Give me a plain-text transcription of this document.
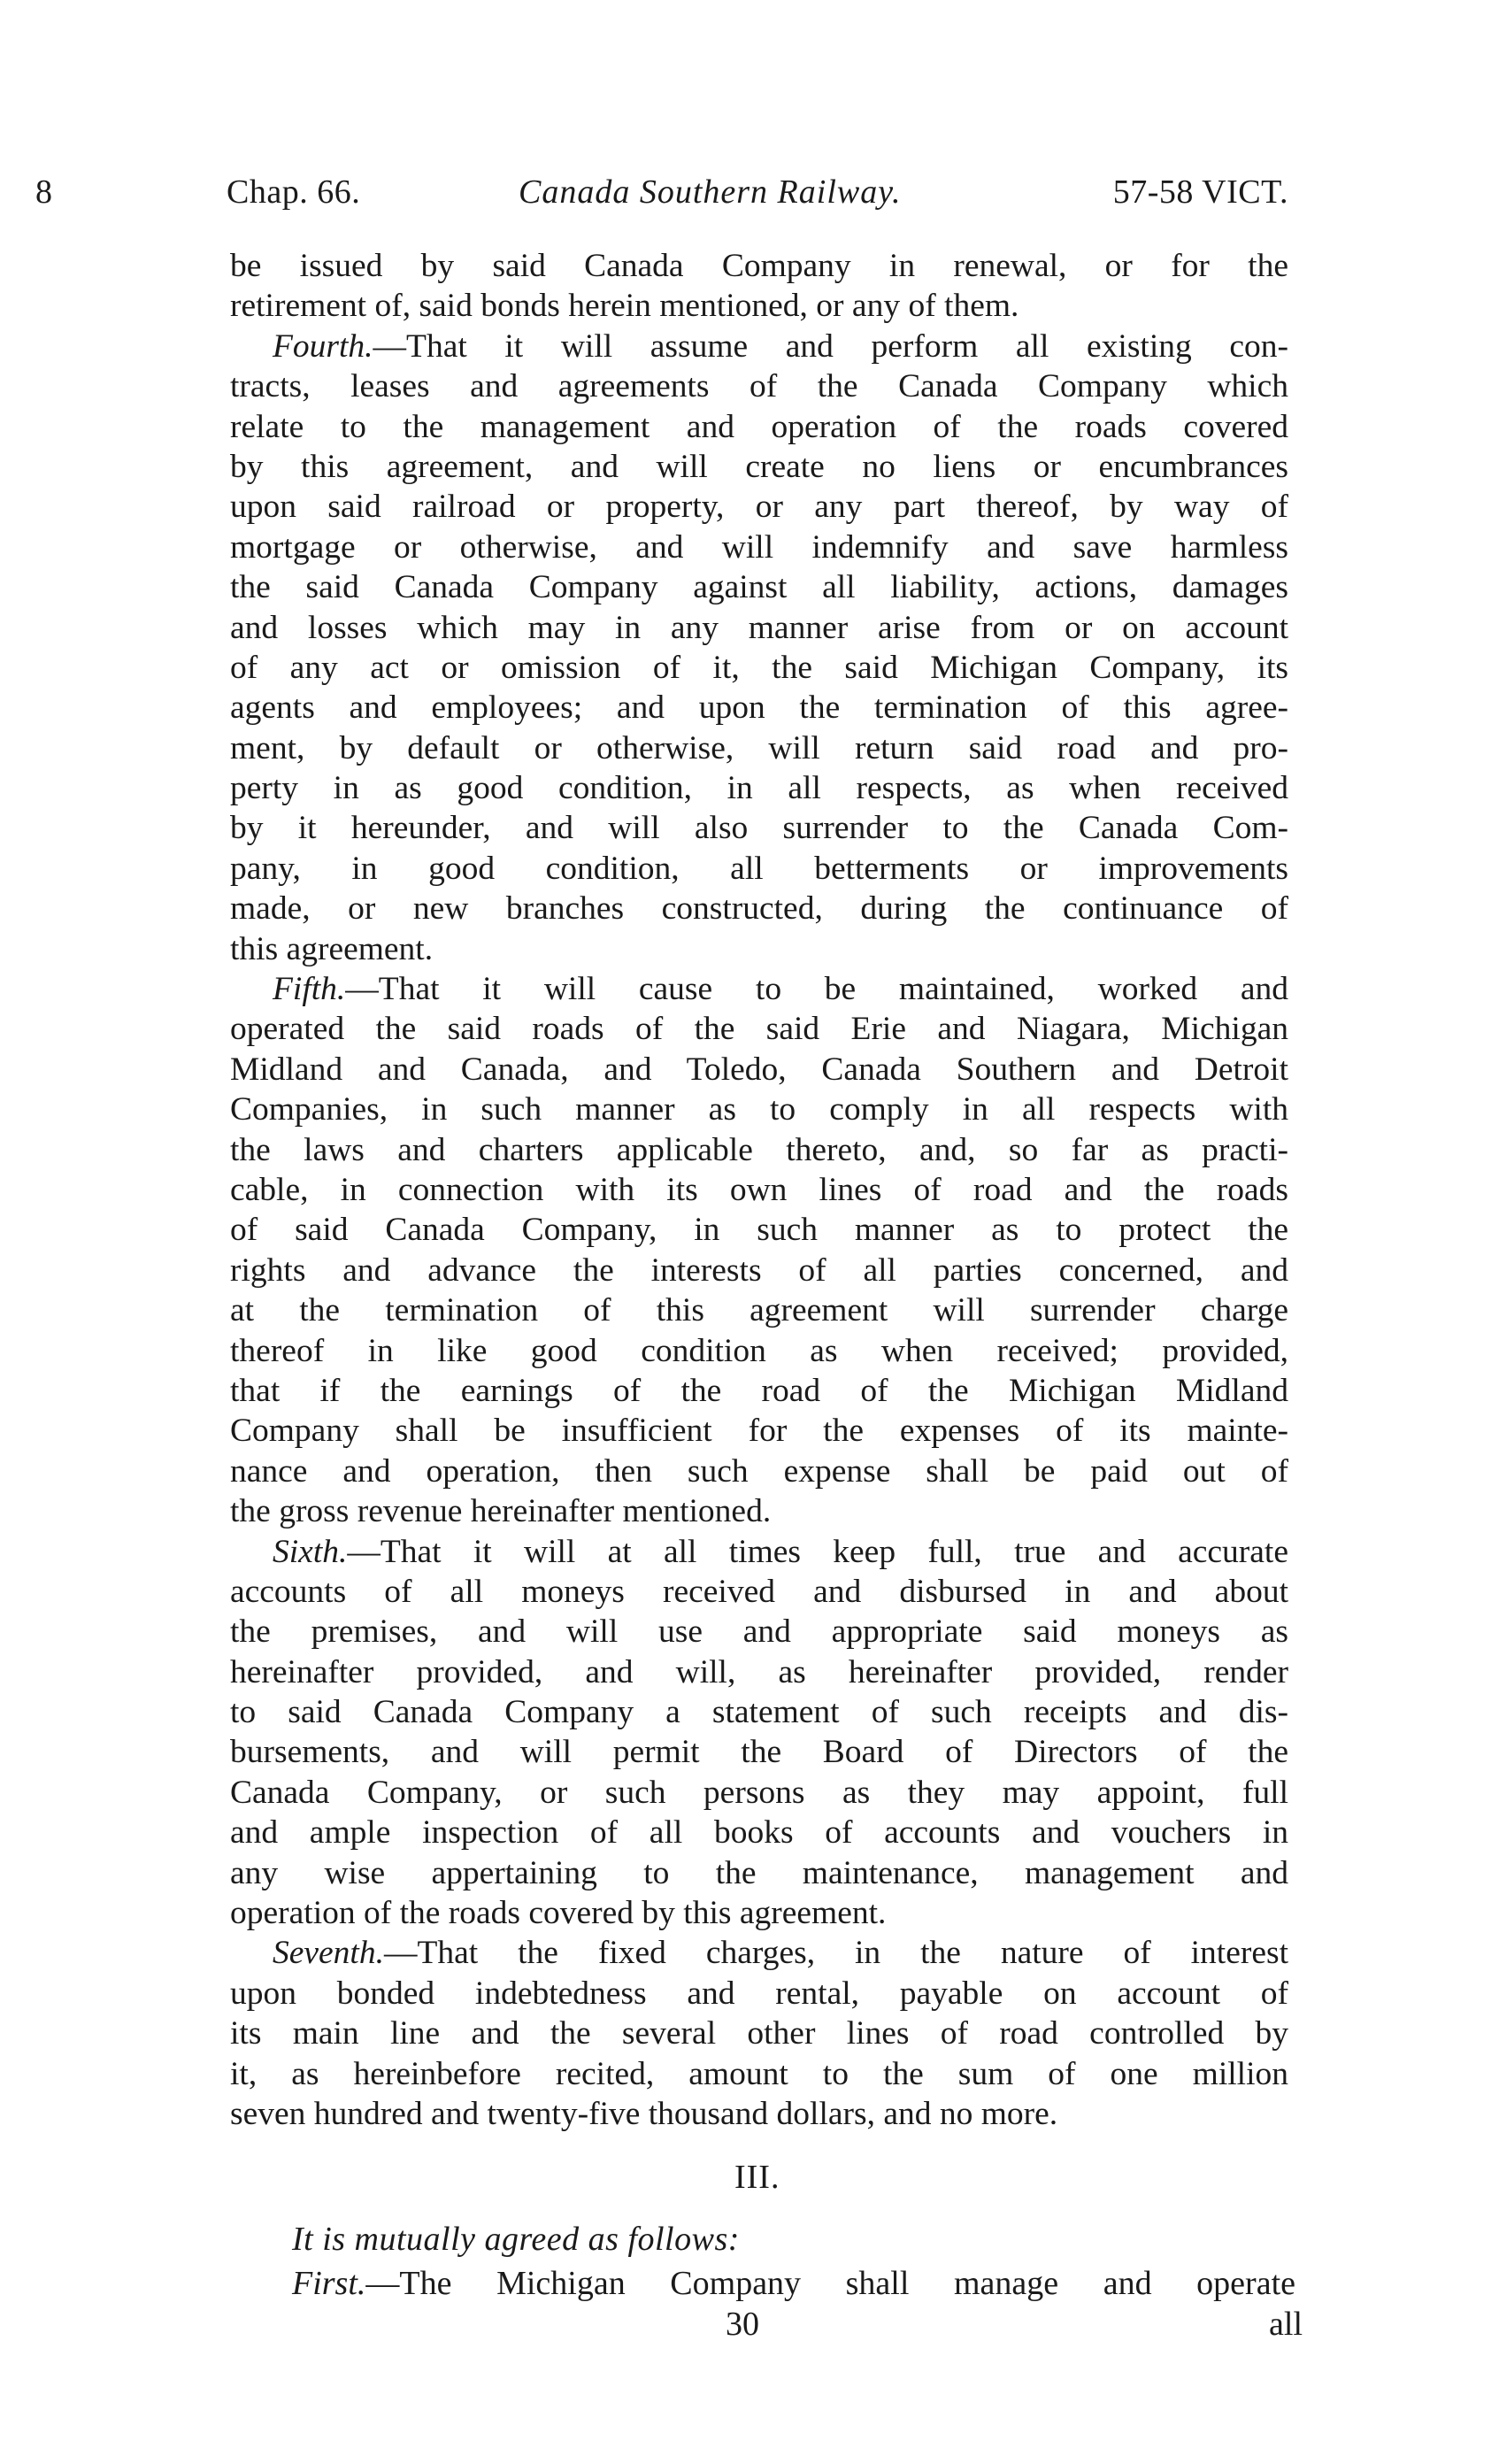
8	Chap. 66.	Canada Southern Railway.	57-58 VICT.
be issued by said Canada Company in renewal, or for the
retirement of, said bonds herein mentioned, or any of them.
Fourth.—That it will assume and perform all existing con-
tracts, leases and agreements of the Canada Company which
relate to the management and operation of the roads covered
by this agreement, and will create no liens or encumbrances
upon said railroad or property, or any part thereof, by way of
mortgage or otherwise, and will indemnify and save harmless
the said Canada Company against all liability, actions, damages
and losses which may in any manner arise from or on account
of any act or omission of it, the said Michigan Company, its
agents and employees; and upon the termination of this agree-
ment, by default or otherwise, will return said road and pro-
perty in as good condition, in all respects, as when received
by it hereunder, and will also surrender to the Canada Com-
pany, in good condition, all betterments or improvements
made, or new branches constructed, during the continuance of
this agreement.
Fifth.—That it will cause to be maintained, worked and
operated the said roads of the said Erie and Niagara, Michigan
Midland and Canada, and Toledo, Canada Southern and Detroit
Companies, in such manner as to comply in all respects with
the laws and charters applicable thereto, and, so far as practi-
cable, in connection with its own lines of road and the roads
of said Canada Company, in such manner as to protect the
rights and advance the interests of all parties concerned, and
at the termination of this agreement will surrender charge
thereof in like good condition as when received; provided,
that if the earnings of the road of the Michigan Midland
Company shall be insufficient for the expenses of its mainte-
nance and operation, then such expense shall be paid out of
the gross revenue hereinafter mentioned.
Sixth.—That it will at all times keep full, true and accurate
accounts of all moneys received and disbursed in and about
the premises, and will use and appropriate said moneys as
hereinafter provided, and will, as hereinafter provided, render
to said Canada Company a statement of such receipts and dis-
bursements, and will permit the Board of Directors of the
Canada Company, or such persons as they may appoint, full
and ample inspection of all books of accounts and vouchers in
any wise appertaining to the maintenance, management and
operation of the roads covered by this agreement.
Seventh.—That the fixed charges, in the nature of interest
upon bonded indebtedness and rental, payable on account of
its main line and the several other lines of road controlled by
it, as hereinbefore recited, amount to the sum of one million
seven hundred and twenty-five thousand dollars, and no more.
III.
It is mutually agreed as follows:
First.—The Michigan Company shall manage and operate
30	all
